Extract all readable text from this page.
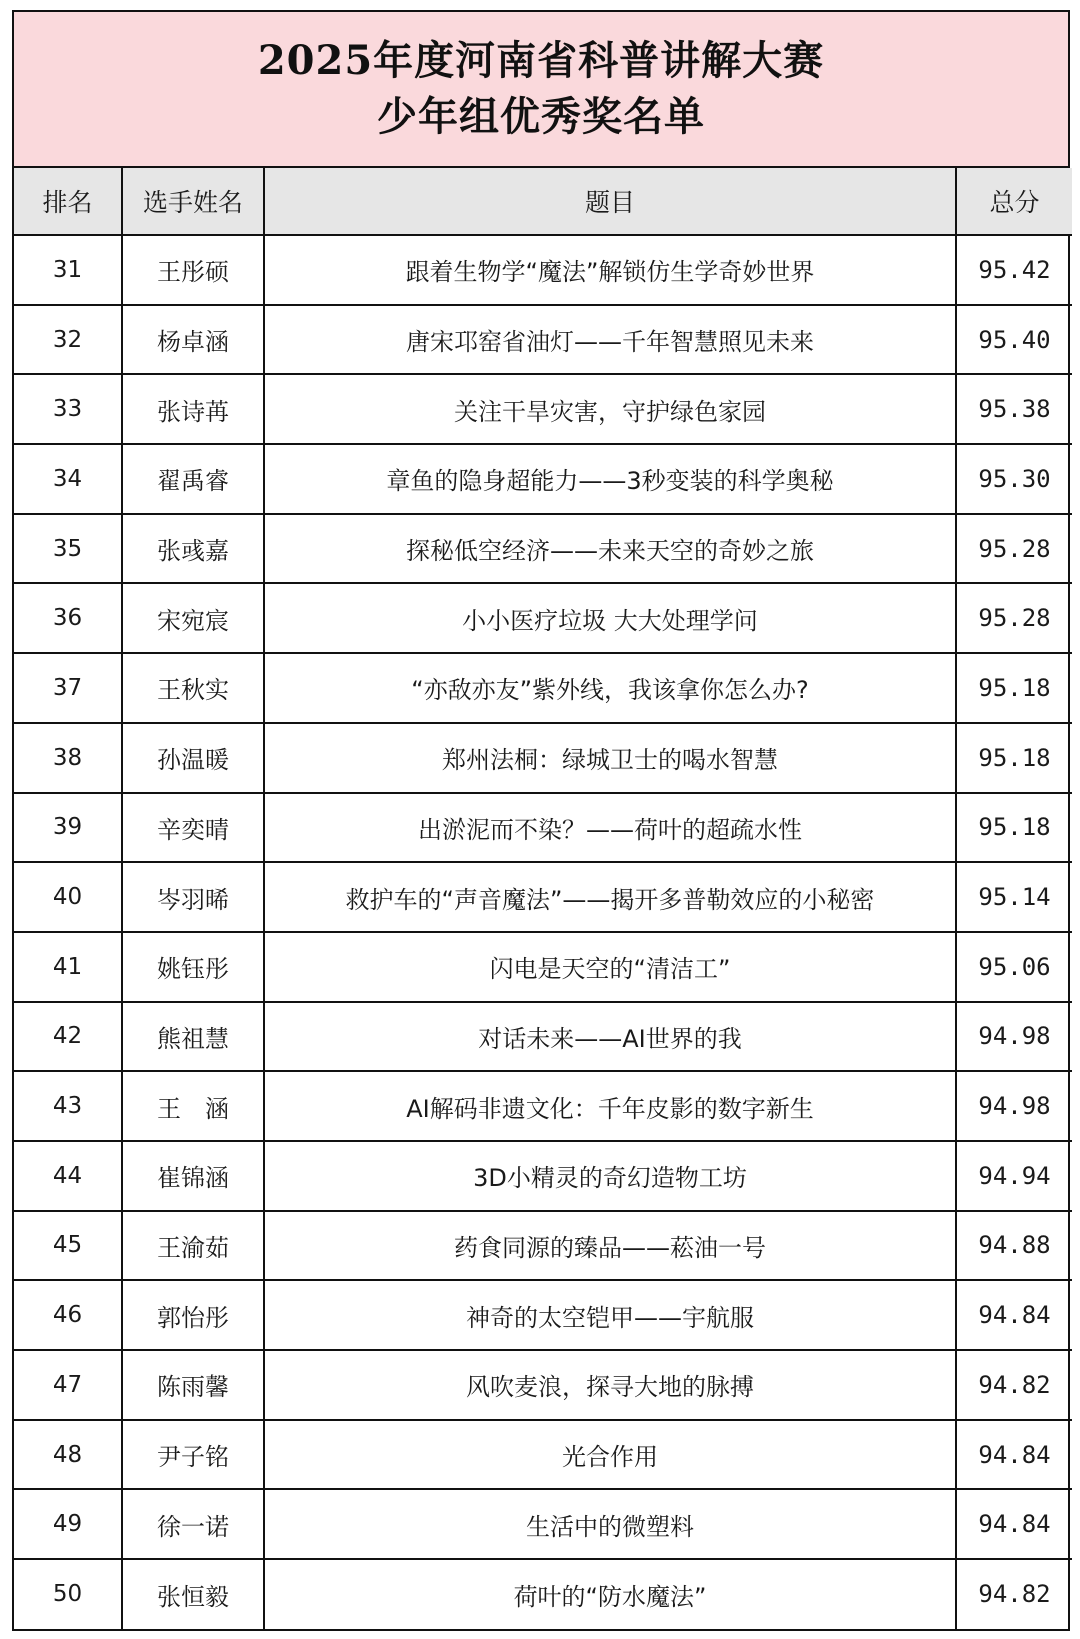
2025年度河南省科普讲解大赛
少年组优秀奖名单
排名	选手姓名	题目	总分
31	王彤硕	跟着生物学“魔法”解锁仿生学奇妙世界	95.42
32	杨卓涵	唐宋邛窑省油灯——千年智慧照见未来	95.40
33	张诗苒	关注干旱灾害，守护绿色家园	95.38
34	翟禹睿	章鱼的隐身超能力——3秒变装的科学奥秘	95.30
35	张彧嘉	探秘低空经济——未来天空的奇妙之旅	95.28
36	宋宛宸	小小医疗垃圾 大大处理学问	95.28
37	王秋实	“亦敌亦友”紫外线，我该拿你怎么办?	95.18
38	孙温暖	郑州法桐：绿城卫士的喝水智慧	95.18
39	辛奕晴	出淤泥而不染？——荷叶的超疏水性	95.18
40	岑羽晞	救护车的“声音魔法”——揭开多普勒效应的小秘密	95.14
41	姚钰彤	闪电是天空的“清洁工”	95.06
42	熊祖慧	对话未来——AI世界的我	94.98
43	王　涵	AI解码非遗文化：千年皮影的数字新生	94.98
44	崔锦涵	3D小精灵的奇幻造物工坊	94.94
45	王渝茹	药食同源的臻品——菘油一号	94.88
46	郭怡彤	神奇的太空铠甲——宇航服	94.84
47	陈雨馨	风吹麦浪，探寻大地的脉搏	94.82
48	尹子铭	光合作用	94.84
49	徐一诺	生活中的微塑料	94.84
50	张恒毅	荷叶的“防水魔法”	94.82
